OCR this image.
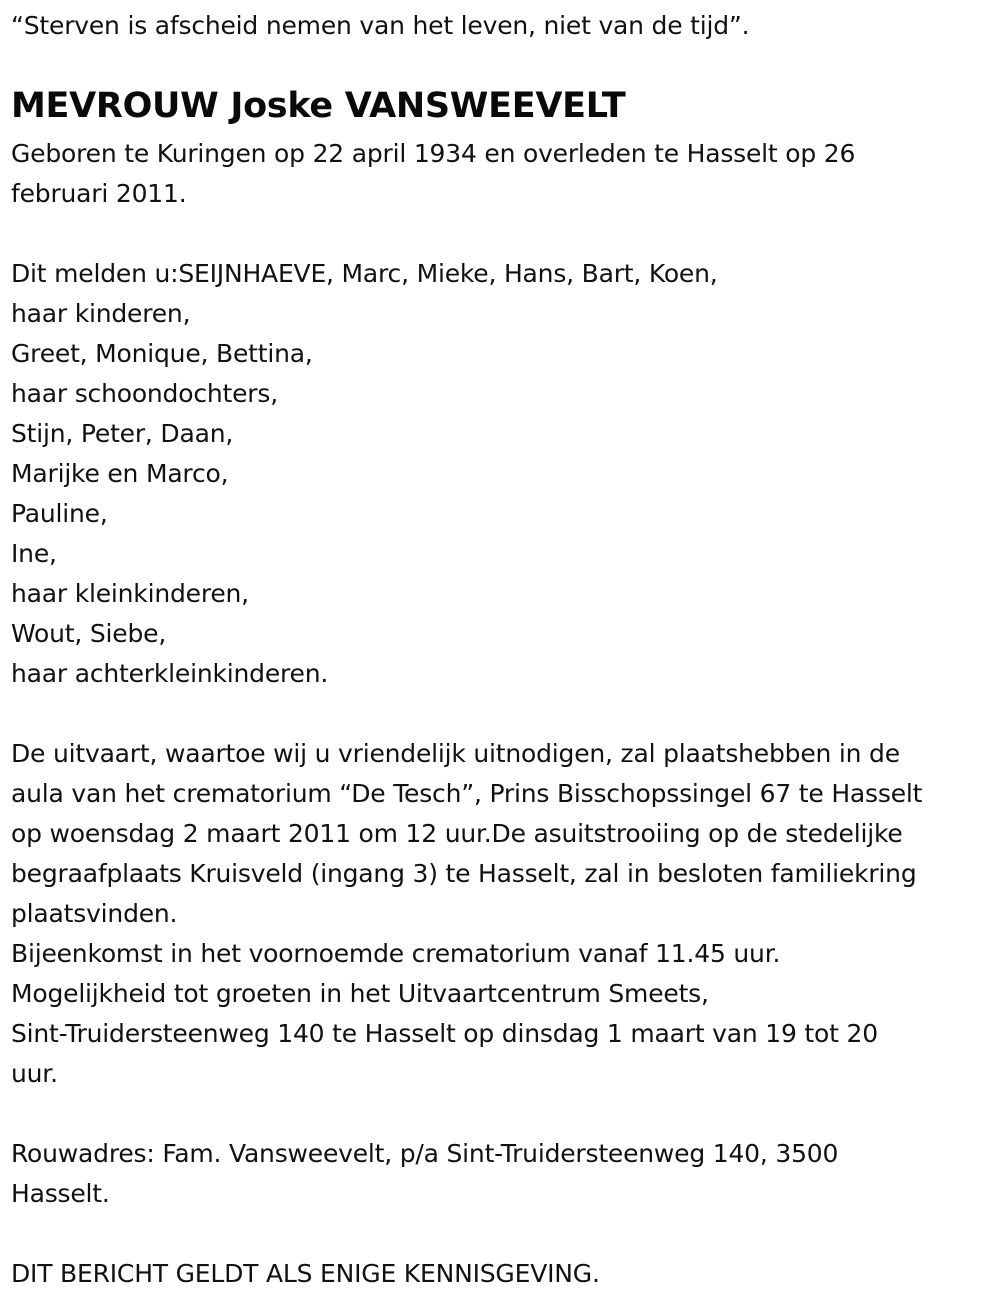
“Sterven is afscheid nemen van het leven, niet van de tijd”.
MEVROUW Joske VANSWEEVELT
Geboren te Kuringen op 22 april 1934 en overleden te Hasselt op 26
februari 2011.
Dit melden u:SEIJNHAEVE, Marc, Mieke, Hans, Bart, Koen,
haar kinderen,
Greet, Monique, Bettina,
haar schoondochters,
Stijn, Peter, Daan,
Marijke en Marco,
Pauline,
Ine,
haar kleinkinderen,
Wout, Siebe,
haar achterkleinkinderen.
De uitvaart, waartoe wij u vriendelijk uitnodigen, zal plaatshebben in de
aula van het crematorium “De Tesch”, Prins Bisschopssingel 67 te Hasselt
op woensdag 2 maart 2011 om 12 uur.De asuitstrooiing op de stedelijke
begraafplaats Kruisveld (ingang 3) te Hasselt, zal in besloten familiekring
plaatsvinden.
Bijeenkomst in het voornoemde crematorium vanaf 11.45 uur.
Mogelijkheid tot groeten in het Uitvaartcentrum Smeets,
Sint-Truidersteenweg 140 te Hasselt op dinsdag 1 maart van 19 tot 20
uur.
Rouwadres: Fam. Vansweevelt, p/a Sint-Truidersteenweg 140, 3500
Hasselt.
DIT BERICHT GELDT ALS ENIGE KENNISGEVING.
